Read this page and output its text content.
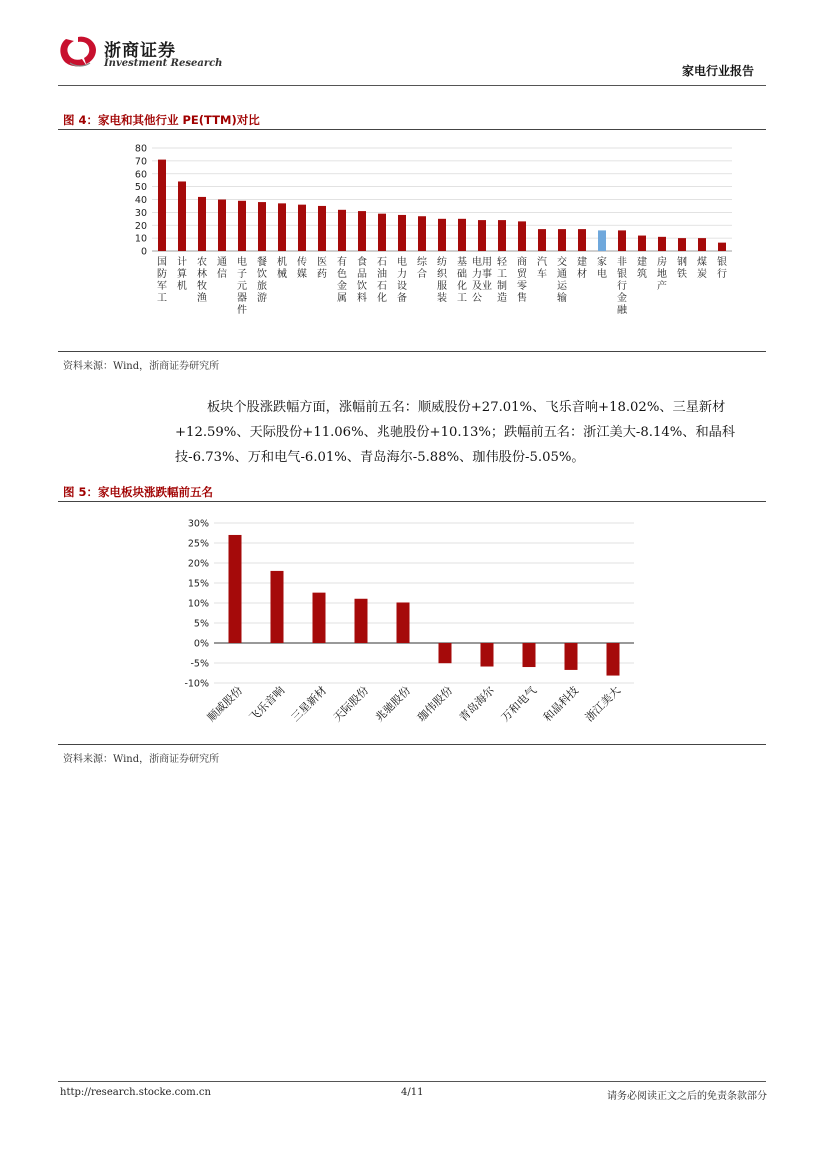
浙商证券
Investment Research
家电行业报告
图 4：家电和其他行业 PE(TTM)对比
0
10
20
30
40
50
60
70
80
国防军工
计算机
农林牧渔
通信
电子元器件
餐饮旅游
机械
传媒
医药
有色金属
食品饮料
石油石化
电力设备
综合
纺织服装
基础化工
电力及公
用事业
轻工制造
商贸零售
汽车
交通运输
建材
家电
非银行金融
建筑
房地产
钢铁
煤炭
银行
资料来源：Wind，浙商证券研究所
板块个股涨跌幅方面，涨幅前五名：顺威股份+27.01%、飞乐音响+18.02%、三星新材
+12.59%、天际股份+11.06%、兆驰股份+10.13%；跌幅前五名：浙江美大-8.14%、和晶科
技-6.73%、万和电气-6.01%、青岛海尔-5.88%、珈伟股份-5.05%。
图 5：家电板块涨跌幅前五名
30%
25%
20%
15%
10%
5%
0%
-5%
-10%
顺威股份 飞乐音响 三星新材 天际股份 兆驰股份 珈伟股份 青岛海尔 万和电气 和晶科技 浙江美大
资料来源：Wind，浙商证券研究所
http://research.stocke.com.cn	4/11	请务必阅读正文之后的免责条款部分
